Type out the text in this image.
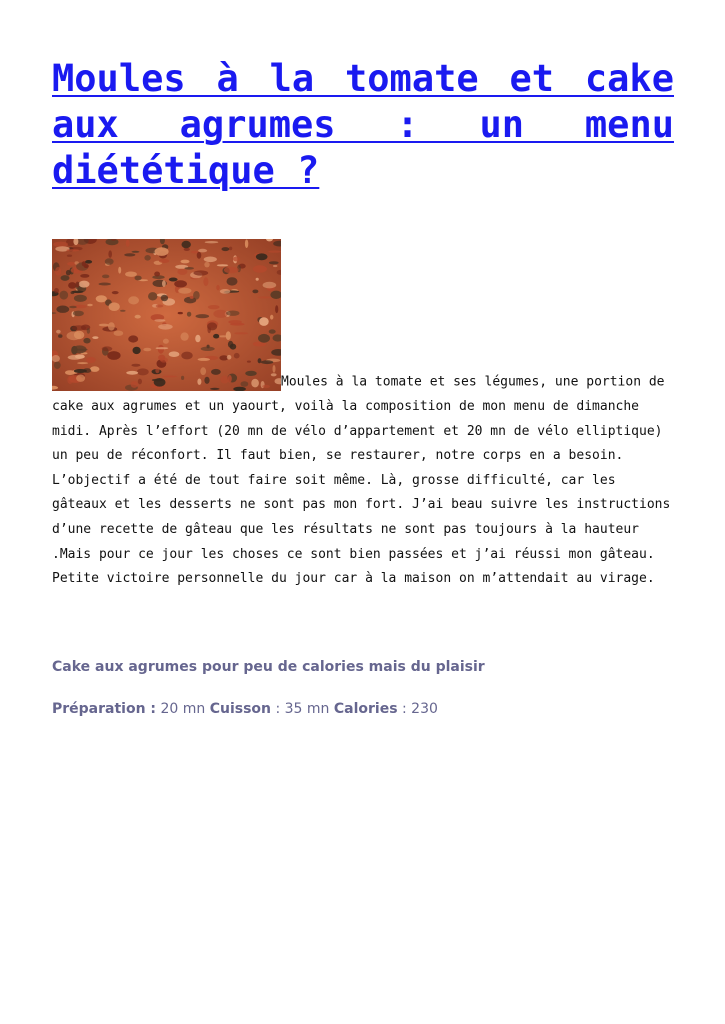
Moules à la tomate et cake aux agrumes : un menu diététique ?
Moules à la tomate et ses légumes, une portion de cake aux agrumes et un yaourt, voilà la composition de mon menu de dimanche midi. Après l’effort (20 mn de vélo d’appartement et 20 mn de vélo elliptique) un peu de réconfort. Il faut bien, se restaurer, notre corps en a besoin. L’objectif a été de tout faire soit même. Là, grosse difficulté, car les gâteaux et les desserts ne sont pas mon fort. J’ai beau suivre les instructions d’une recette de gâteau que les résultats ne sont pas toujours à la hauteur .Mais pour ce jour les choses ce sont bien passées et j’ai réussi mon gâteau. Petite victoire personnelle du jour car à la maison on m’attendait au virage.

Cake aux agrumes pour peu de calories mais du plaisir

Préparation : 20 mn Cuisson : 35 mn Calories : 230
